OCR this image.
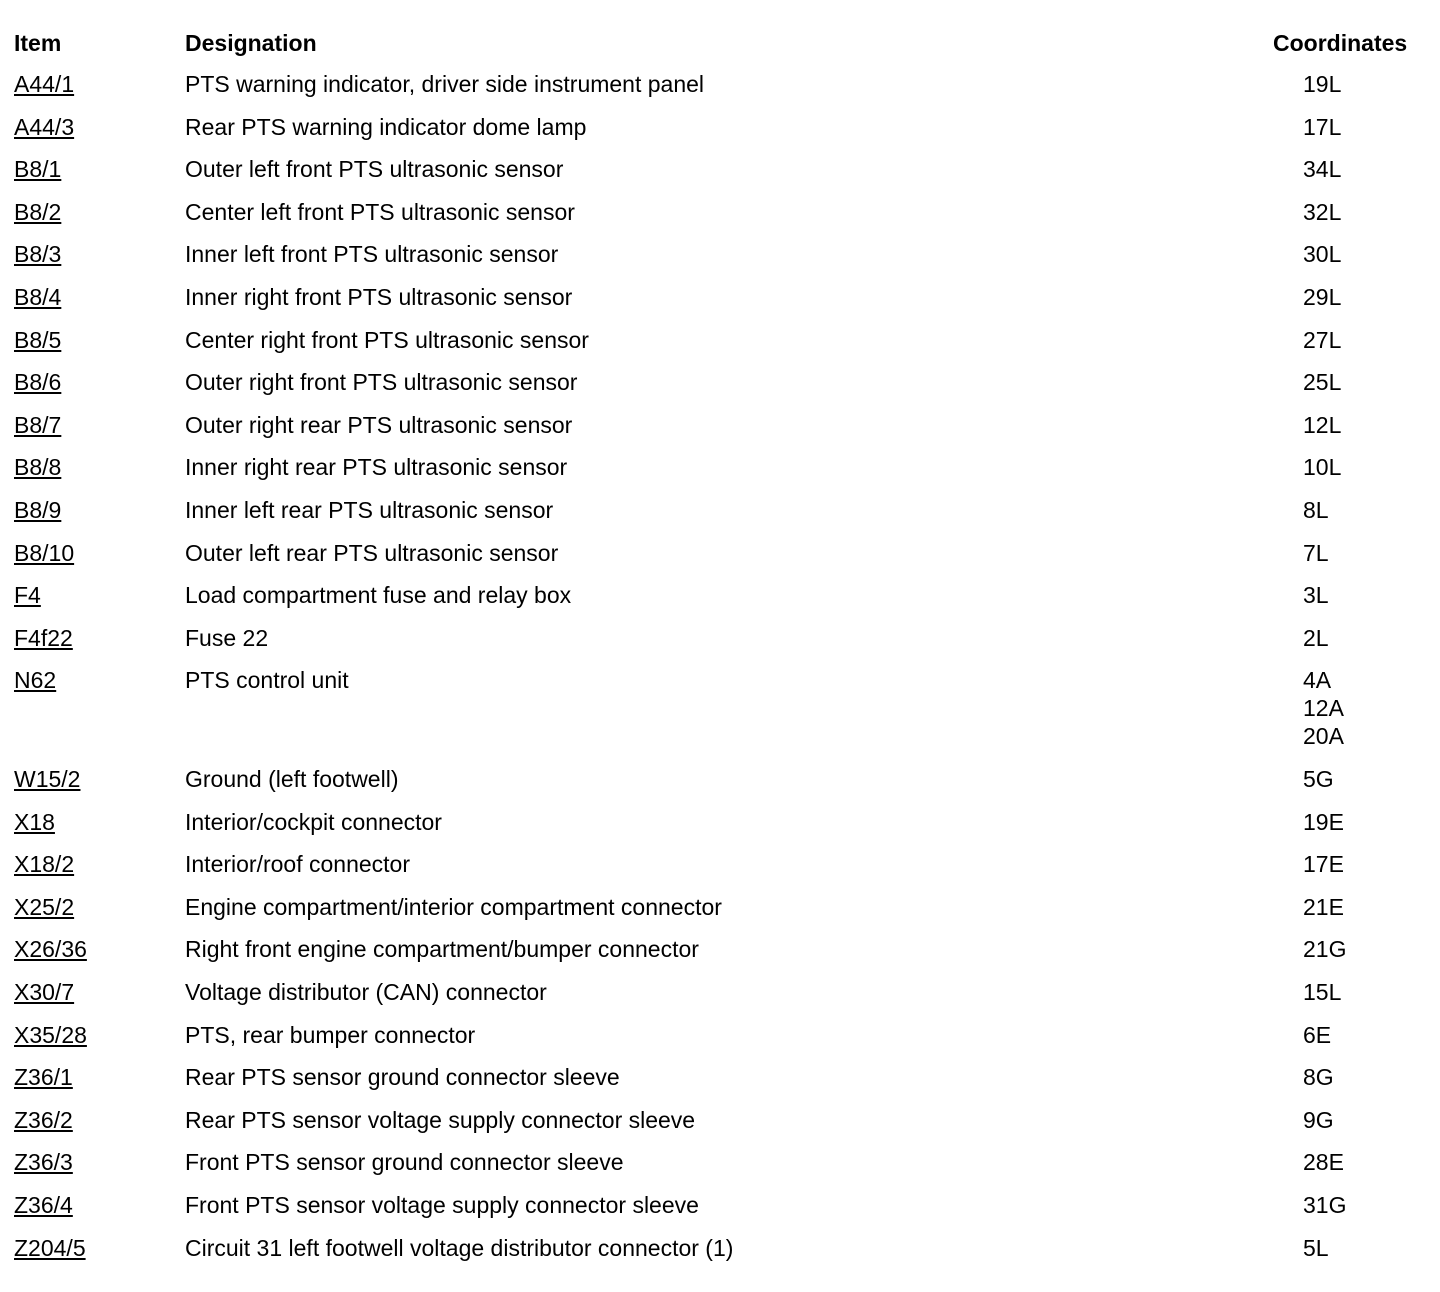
Item	Designation	Coordinates
A44/1	PTS warning indicator, driver side instrument panel	19L
A44/3	Rear PTS warning indicator dome lamp	17L
B8/1	Outer left front PTS ultrasonic sensor	34L
B8/2	Center left front PTS ultrasonic sensor	32L
B8/3	Inner left front PTS ultrasonic sensor	30L
B8/4	Inner right front PTS ultrasonic sensor	29L
B8/5	Center right front PTS ultrasonic sensor	27L
B8/6	Outer right front PTS ultrasonic sensor	25L
B8/7	Outer right rear PTS ultrasonic sensor	12L
B8/8	Inner right rear PTS ultrasonic sensor	10L
B8/9	Inner left rear PTS ultrasonic sensor	8L
B8/10	Outer left rear PTS ultrasonic sensor	7L
F4	Load compartment fuse and relay box	3L
F4f22	Fuse 22	2L
N62	PTS control unit	4A
12A
20A
W15/2	Ground (left footwell)	5G
X18	Interior/cockpit connector	19E
X18/2	Interior/roof connector	17E
X25/2	Engine compartment/interior compartment connector	21E
X26/36	Right front engine compartment/bumper connector	21G
X30/7	Voltage distributor (CAN) connector	15L
X35/28	PTS, rear bumper connector	6E
Z36/1	Rear PTS sensor ground connector sleeve	8G
Z36/2	Rear PTS sensor voltage supply connector sleeve	9G
Z36/3	Front PTS sensor ground connector sleeve	28E
Z36/4	Front PTS sensor voltage supply connector sleeve	31G
Z204/5	Circuit 31 left footwell voltage distributor connector (1)	5L
